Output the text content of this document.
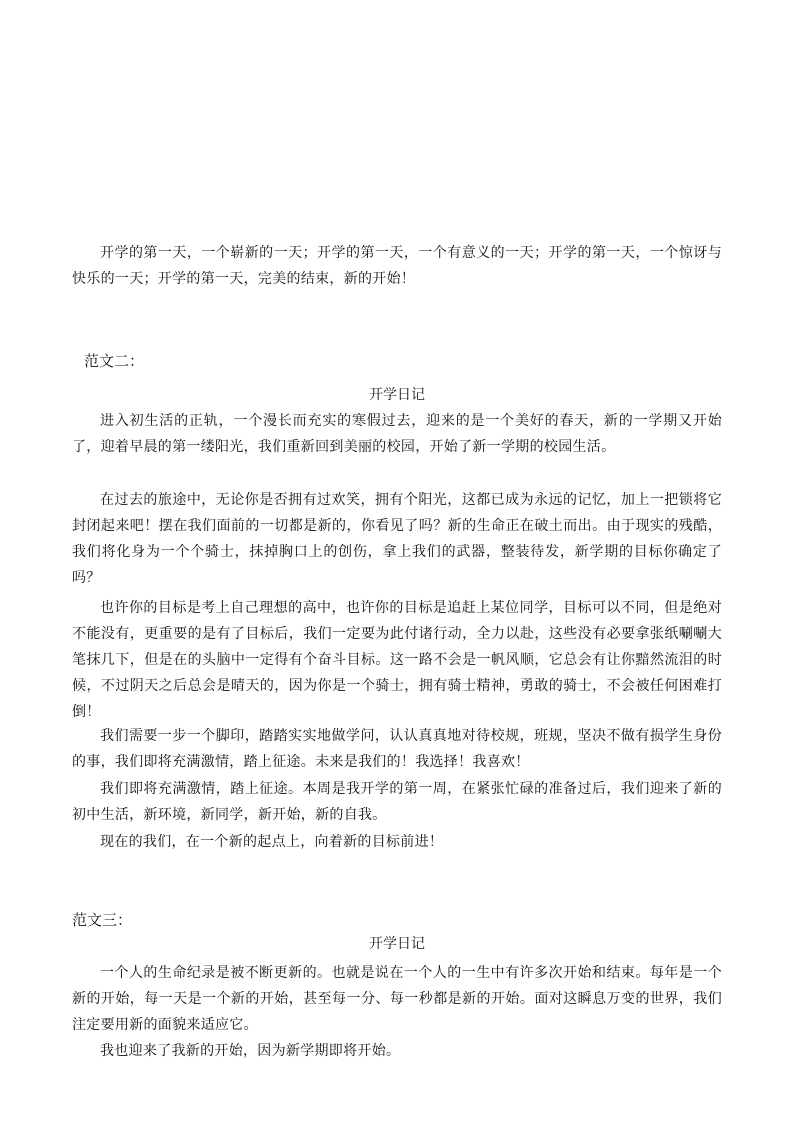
开学的第一天，一个崭新的一天；开学的第一天，一个有意义的一天；开学的第一天，一个惊讶与快乐的一天；开学的第一天，完美的结束，新的开始！

范文二：
开学日记

进入初生活的正轨，一个漫长而充实的寒假过去，迎来的是一个美好的春天，新的一学期又开始了，迎着早晨的第一缕阳光，我们重新回到美丽的校园，开始了新一学期的校园生活。

在过去的旅途中，无论你是否拥有过欢笑，拥有个阳光，这都已成为永远的记忆，加上一把锁将它封闭起来吧！摆在我们面前的一切都是新的，你看见了吗？新的生命正在破土而出。由于现实的残酷，我们将化身为一个个骑士，抹掉胸口上的创伤，拿上我们的武器，整装待发，新学期的目标你确定了吗？

也许你的目标是考上自己理想的高中，也许你的目标是追赶上某位同学，目标可以不同，但是绝对不能没有，更重要的是有了目标后，我们一定要为此付诸行动，全力以赴，这些没有必要拿张纸唰唰大笔抹几下，但是在的头脑中一定得有个奋斗目标。这一路不会是一帆风顺，它总会有让你黯然流泪的时候，不过阴天之后总会是晴天的，因为你是一个骑士，拥有骑士精神，勇敢的骑士，不会被任何困难打倒！

我们需要一步一个脚印，踏踏实实地做学问，认认真真地对待校规，班规，坚决不做有损学生身份的事，我们即将充满激情，踏上征途。未来是我们的！我选择！我喜欢！

我们即将充满激情，踏上征途。本周是我开学的第一周，在紧张忙碌的准备过后，我们迎来了新的初中生活，新环境，新同学，新开始，新的自我。

现在的我们，在一个新的起点上，向着新的目标前进！

范文三：
开学日记

一个人的生命纪录是被不断更新的。也就是说在一个人的一生中有许多次开始和结束。每年是一个新的开始，每一天是一个新的开始，甚至每一分、每一秒都是新的开始。面对这瞬息万变的世界，我们注定要用新的面貌来适应它。

我也迎来了我新的开始，因为新学期即将开始。
